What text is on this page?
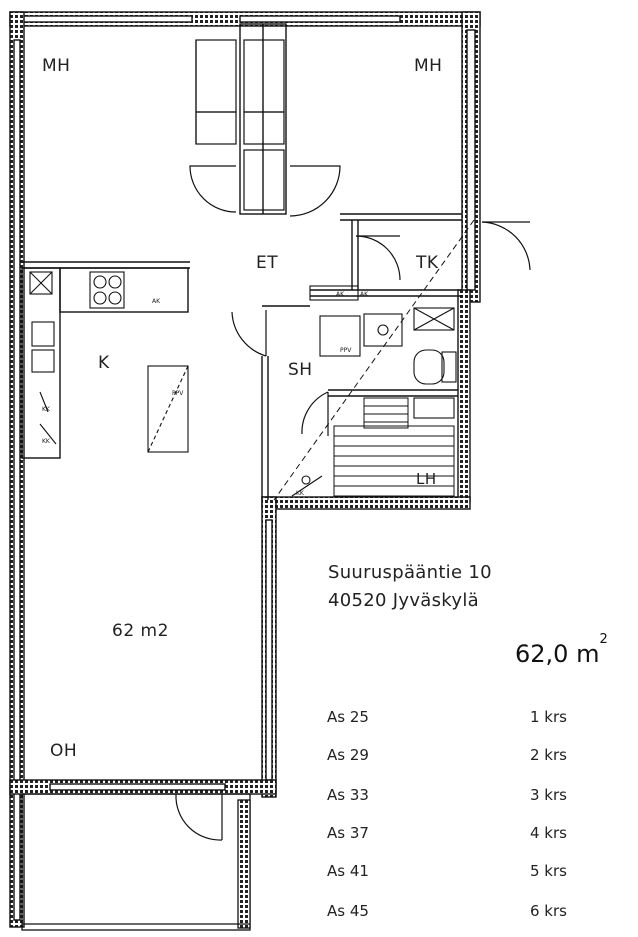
MH	MH
ET	TK
K	SH
LH
62 m2
OH
AK
PPV
AK	AK
KK
KK
PPV
KK
Suuruspääntie 10
40520 Jyväskylä
62,0 $m^2$
As 25	1 krs
As 29	2 krs
As 33	3 krs
As 37	4 krs
As 41	5 krs
As 45	6 krs
